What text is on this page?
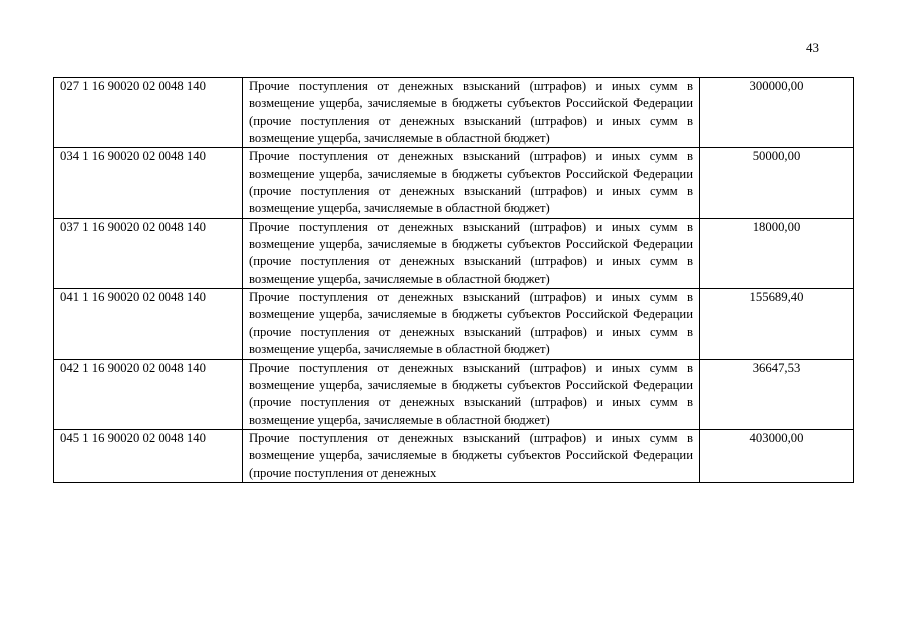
43
027 1 16 90020 02 0048 140	Прочие поступления от денежных взысканий (штрафов) и иных сумм в возмещение ущерба, зачисляемые в бюджеты субъектов Российской Федерации (прочие поступления от денежных взысканий (штрафов) и иных сумм в возмещение ущерба, зачисляемые в областной бюджет)	300000,00
034 1 16 90020 02 0048 140	Прочие поступления от денежных взысканий (штрафов) и иных сумм в возмещение ущерба, зачисляемые в бюджеты субъектов Российской Федерации (прочие поступления от денежных взысканий (штрафов) и иных сумм в возмещение ущерба, зачисляемые в областной бюджет)	50000,00
037 1 16 90020 02 0048 140	Прочие поступления от денежных взысканий (штрафов) и иных сумм в возмещение ущерба, зачисляемые в бюджеты субъектов Российской Федерации (прочие поступления от денежных взысканий (штрафов) и иных сумм в возмещение ущерба, зачисляемые в областной бюджет)	18000,00
041 1 16 90020 02 0048 140	Прочие поступления от денежных взысканий (штрафов) и иных сумм в возмещение ущерба, зачисляемые в бюджеты субъектов Российской Федерации (прочие поступления от денежных взысканий (штрафов) и иных сумм в возмещение ущерба, зачисляемые в областной бюджет)	155689,40
042 1 16 90020 02 0048 140	Прочие поступления от денежных взысканий (штрафов) и иных сумм в возмещение ущерба, зачисляемые в бюджеты субъектов Российской Федерации (прочие поступления от денежных взысканий (штрафов) и иных сумм в возмещение ущерба, зачисляемые в областной бюджет)	36647,53
045 1 16 90020 02 0048 140	Прочие поступления от денежных взысканий (штрафов) и иных сумм в возмещение ущерба, зачисляемые в бюджеты субъектов Российской Федерации (прочие поступления от денежных	403000,00
